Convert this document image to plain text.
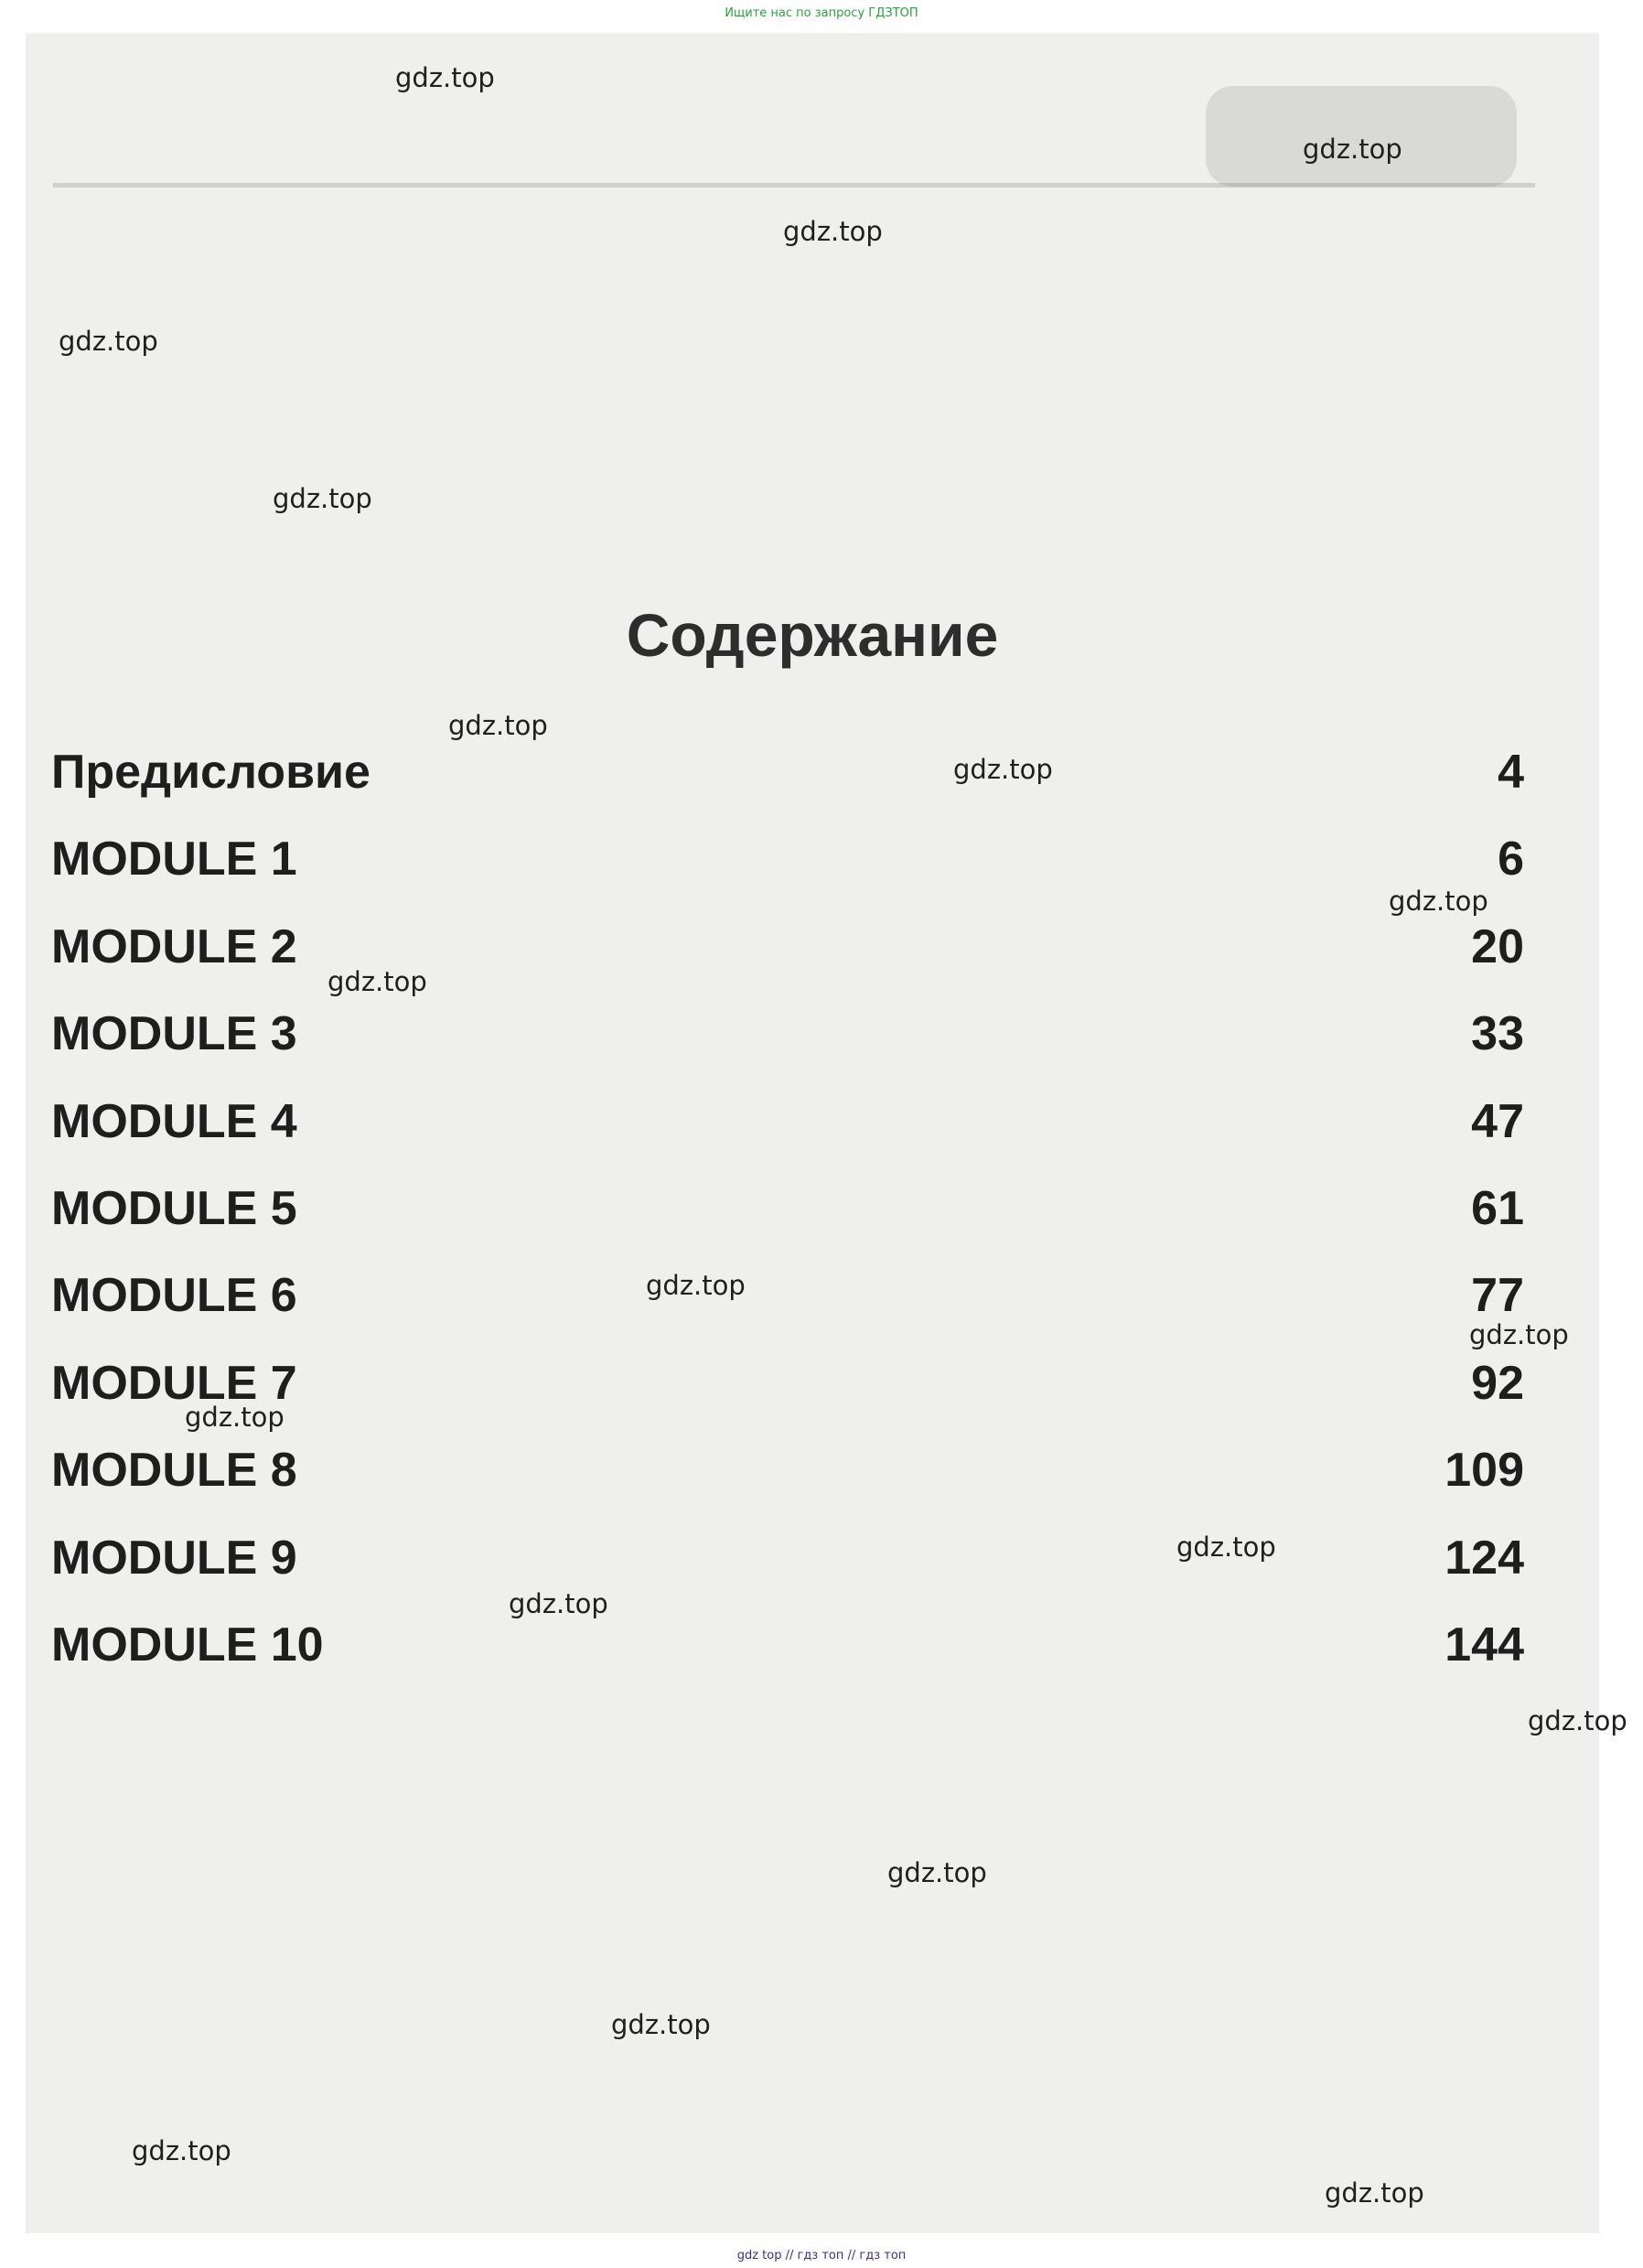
Ищите нас по запросу ГДЗТОП
Содержание
Предисловие	4
MODULE 1	6
MODULE 2	20
MODULE 3	33
MODULE 4	47
MODULE 5	61
MODULE 6	77
MODULE 7	92
MODULE 8	109
MODULE 9	124
MODULE 10	144
gdz.top
gdz.top
gdz.top
gdz.top
gdz.top
gdz.top
gdz.top
gdz.top
gdz.top
gdz.top
gdz.top
gdz.top
gdz.top
gdz.top
gdz.top
gdz.top
gdz.top
gdz.top
gdz.top
gdz top // гдз топ // гдз топ
